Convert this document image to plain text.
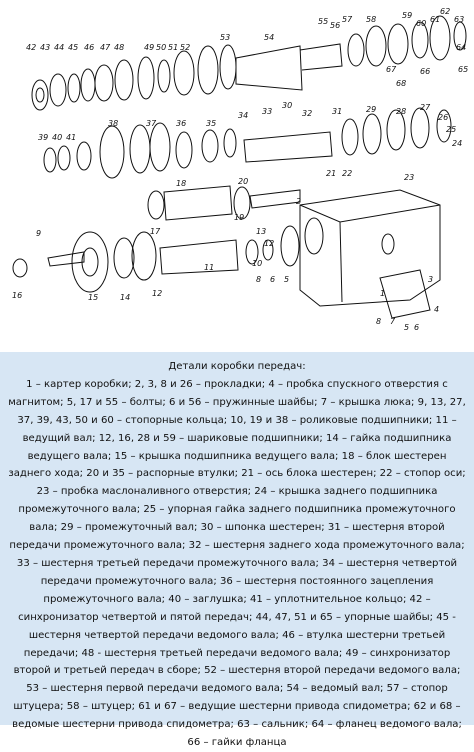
42 43 44 45 46 47 48 49 50 51 52
53	54
55 56
57 58	59
60 61
62
63
64
65
66
67
68
39 40 41
38	37 36 35
34 33
30
32 31	29 28 27
26
25
24
23
22
21
20
18
19
17
9	13
12
2
10
8 6 5
11
12
14
15
16
3
4
7
8
5 6
1
Детали коробки передач:
1 – картер коробки; 2, 3, 8 и 26 – прокладки; 4 – пробка спускного отверстия с магнитом; 5, 17 и 55 – болты; 6 и 56 – пружинные шайбы; 7 – крышка люка; 9, 13, 27, 37, 39, 43, 50 и 60 – стопорные кольца; 10, 19 и 38 – роликовые подшипники; 11 – ведущий вал; 12, 16, 28 и 59 – шариковые подшипники; 14 – гайка подшипника ведущего вала; 15 – крышка подшипника ведущего вала; 18 – блок шестерен заднего хода; 20 и 35 – распорные втулки; 21 – ось блока шестерен; 22 – стопор оси; 23 – пробка маслоналивного отверстия; 24 – крышка заднего подшипника промежуточного вала; 25 – упорная гайка заднего подшипника промежуточного вала; 29 – промежуточный вал; 30 – шпонка шестерен; 31 – шестерня второй передачи промежуточного вала; 32 – шестерня заднего хода промежуточного вала; 33 – шестерня третьей передачи промежуточного вала; 34 – шестерня четвертой передачи промежуточного вала; 36 – шестерня постоянного зацепления промежуточного вала; 40 – заглушка; 41 – уплотнительное кольцо; 42 – синхронизатор четвертой и пятой передач; 44, 47, 51 и 65 – упорные шайбы; 45 - шестерня четвертой передачи ведомого вала; 46 – втулка шестерни третьей передачи; 48 - шестерня третьей передачи ведомого вала; 49 – синхронизатор второй и третьей передач в сборе; 52 – шестерня второй передачи ведомого вала; 53 – шестерня первой передачи ведомого вала; 54 – ведомый вал; 57 – стопор штуцера; 58 – штуцер; 61 и 67 – ведущие шестерни привода спидометра; 62 и 68 – ведомые шестерни привода спидометра; 63 – сальник; 64 – фланец ведомого вала; 66 – гайки фланца
